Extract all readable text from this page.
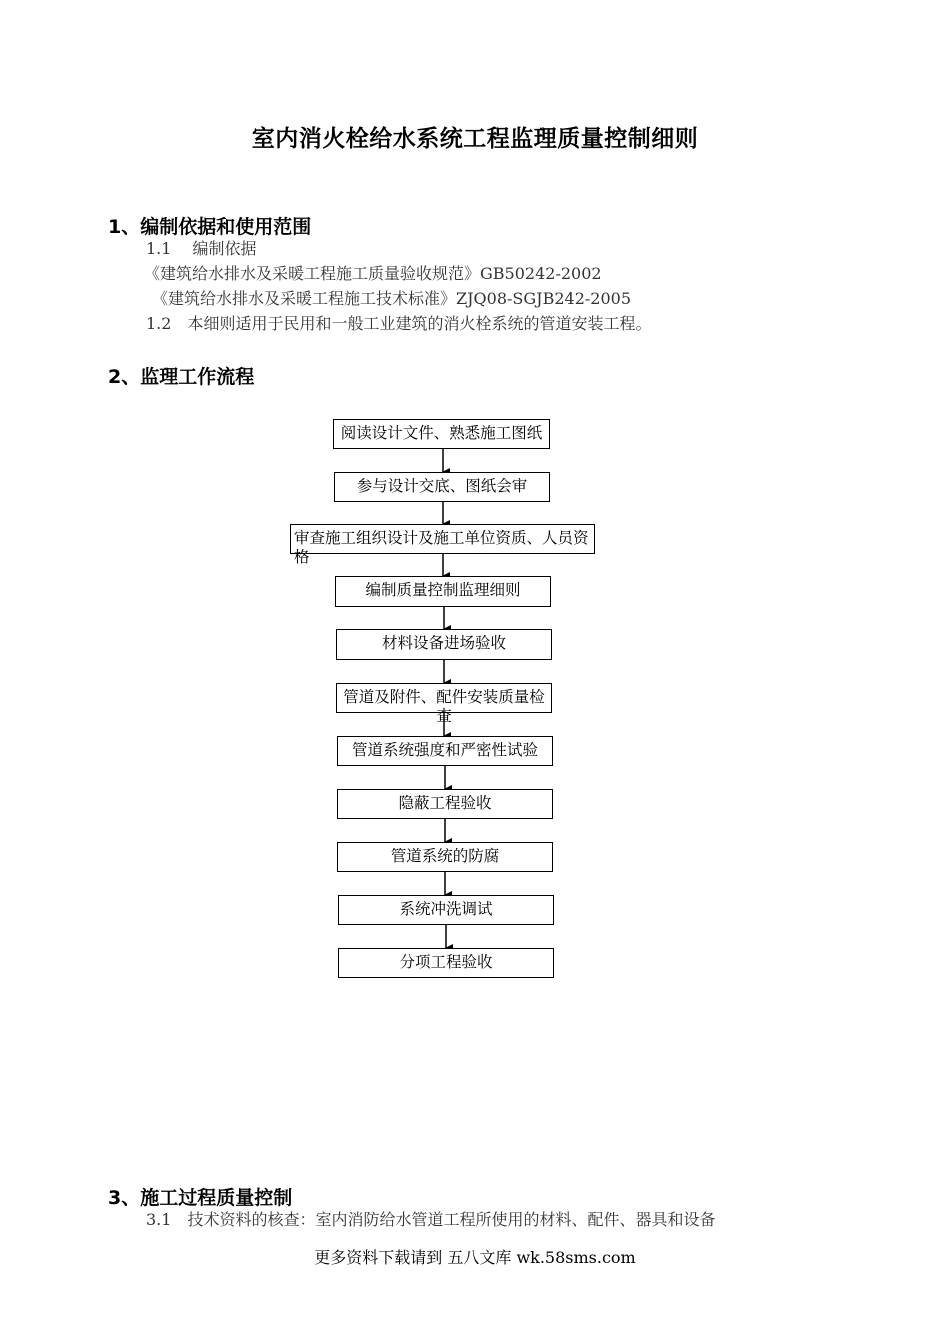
室内消火栓给水系统工程监理质量控制细则
1、编制依据和使用范围
1.1　 编制依据
《建筑给水排水及采暖工程施工质量验收规范》GB50242-2002
《建筑给水排水及采暖工程施工技术标准》ZJQ08-SGJB242-2005
1.2　本细则适用于民用和一般工业建筑的消火栓系统的管道安装工程。
2、监理工作流程
阅读设计文件、熟悉施工图纸
参与设计交底、图纸会审
审查施工组织设计及施工单位资质、人员资格
编制质量控制监理细则
材料设备进场验收
管道及附件、配件安装质量检查
管道系统强度和严密性试验
隐蔽工程验收
管道系统的防腐
系统冲洗调试
分项工程验收
3、施工过程质量控制
3.1　技术资料的核查：室内消防给水管道工程所使用的材料、配件、器具和设备
更多资料下载请到 五八文库 wk.58sms.com
